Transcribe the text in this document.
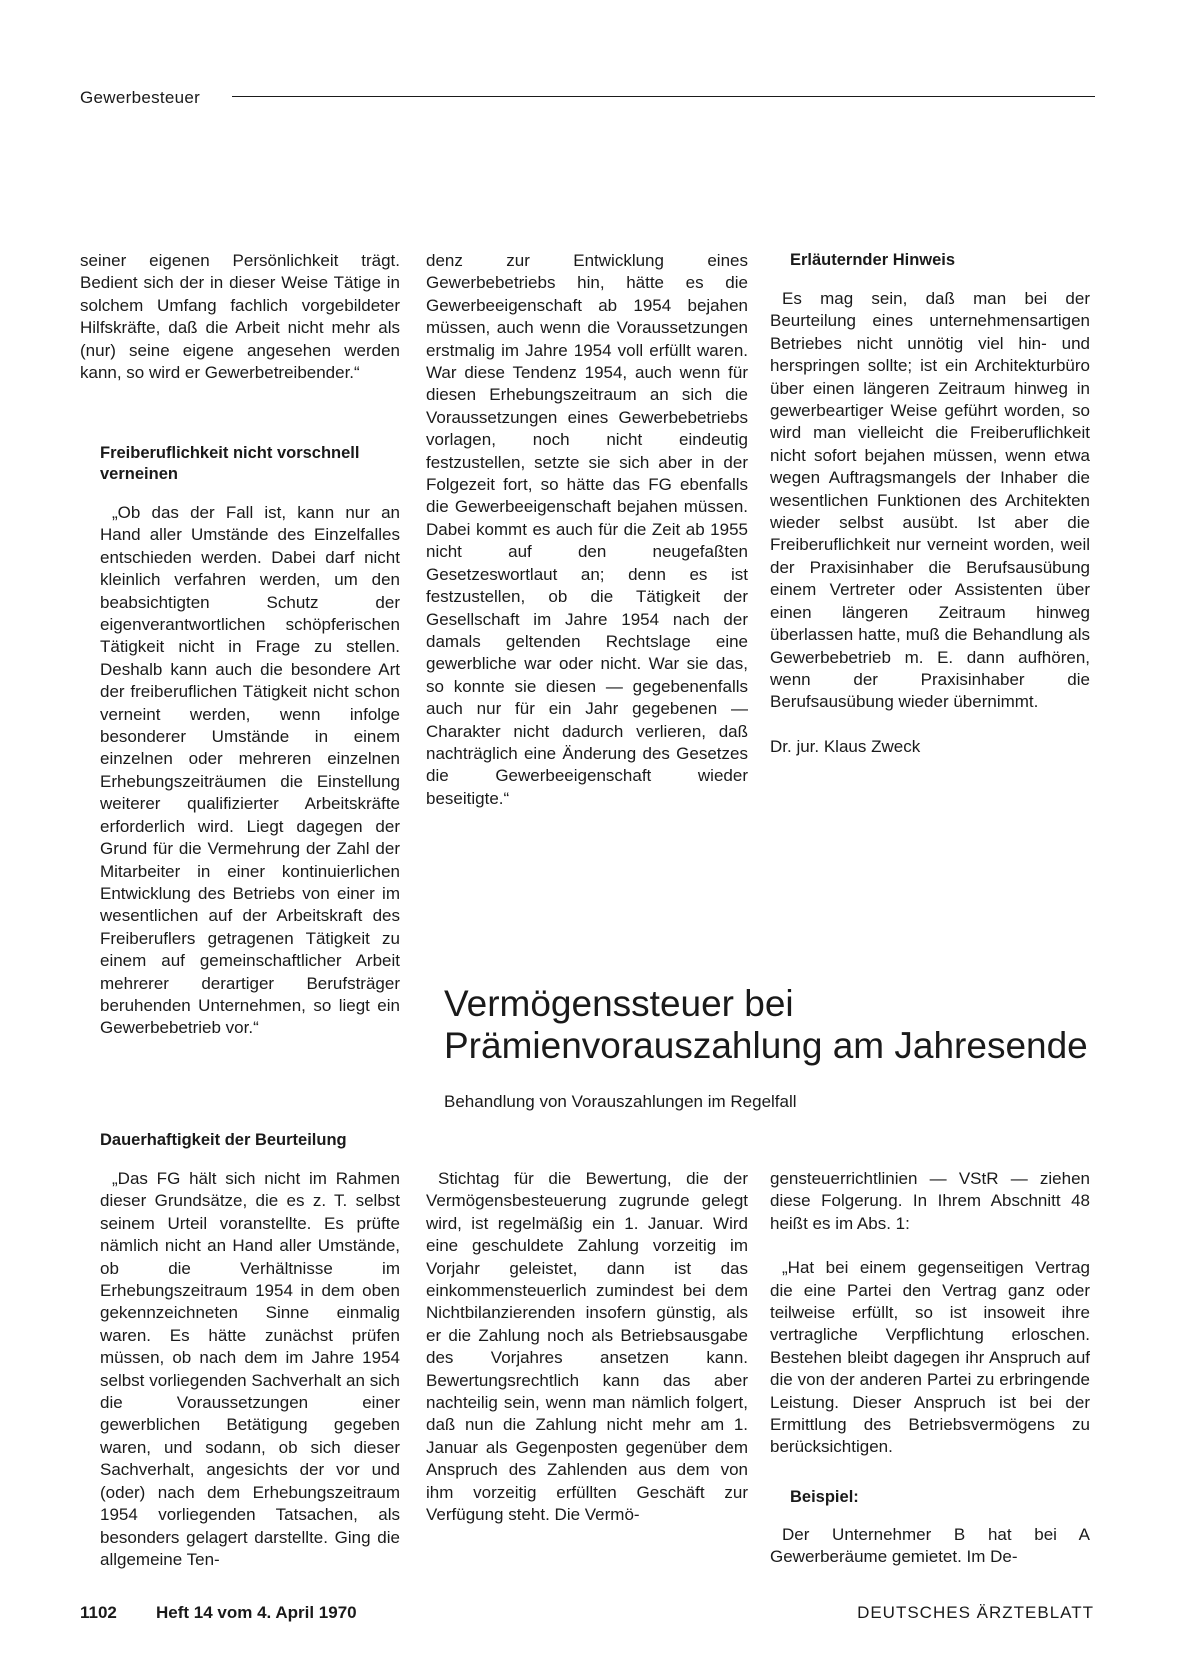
Gewerbesteuer

seiner eigenen Persönlichkeit trägt. Bedient sich der in dieser Weise Tätige in solchem Umfang fachlich vorgebildeter Hilfskräfte, daß die Arbeit nicht mehr als (nur) seine eigene angesehen werden kann, so wird er Gewerbetreibender.“

Freiberuflichkeit nicht vorschnell verneinen

„Ob das der Fall ist, kann nur an Hand aller Umstände des Einzelfalles entschieden werden. Dabei darf nicht kleinlich verfahren werden, um den beabsichtigten Schutz der eigenverantwortlichen schöpferischen Tätigkeit nicht in Frage zu stellen. Deshalb kann auch die besondere Art der freiberuflichen Tätigkeit nicht schon verneint werden, wenn infolge besonderer Umstände in einem einzelnen oder mehreren einzelnen Erhebungszeiträumen die Einstellung weiterer qualifizierter Arbeitskräfte erforderlich wird. Liegt dagegen der Grund für die Vermehrung der Zahl der Mitarbeiter in einer kontinuierlichen Entwicklung des Betriebs von einer im wesentlichen auf der Arbeitskraft des Freiberuflers getragenen Tätigkeit zu einem auf gemeinschaftlicher Arbeit mehrerer derartiger Berufsträger beruhenden Unternehmen, so liegt ein Gewerbebetrieb vor.“

Dauerhaftigkeit der Beurteilung

„Das FG hält sich nicht im Rahmen dieser Grundsätze, die es z. T. selbst seinem Urteil voranstellte. Es prüfte nämlich nicht an Hand aller Umstände, ob die Verhältnisse im Erhebungszeitraum 1954 in dem oben gekennzeichneten Sinne einmalig waren. Es hätte zunächst prüfen müssen, ob nach dem im Jahre 1954 selbst vorliegenden Sachverhalt an sich die Voraussetzungen einer gewerblichen Betätigung gegeben waren, und sodann, ob sich dieser Sachverhalt, angesichts der vor und (oder) nach dem Erhebungszeitraum 1954 vorliegenden Tatsachen, als besonders gelagert darstellte. Ging die allgemeine Ten-

denz zur Entwicklung eines Gewerbebetriebs hin, hätte es die Gewerbeeigenschaft ab 1954 bejahen müssen, auch wenn die Voraussetzungen erstmalig im Jahre 1954 voll erfüllt waren. War diese Tendenz 1954, auch wenn für diesen Erhebungszeitraum an sich die Voraussetzungen eines Gewerbebetriebs vorlagen, noch nicht eindeutig festzustellen, setzte sie sich aber in der Folgezeit fort, so hätte das FG ebenfalls die Gewerbeeigenschaft bejahen müssen. Dabei kommt es auch für die Zeit ab 1955 nicht auf den neugefaßten Gesetzeswortlaut an; denn es ist festzustellen, ob die Tätigkeit der Gesellschaft im Jahre 1954 nach der damals geltenden Rechtslage eine gewerbliche war oder nicht. War sie das, so konnte sie diesen — gegebenenfalls auch nur für ein Jahr gegebenen — Charakter nicht dadurch verlieren, daß nachträglich eine Änderung des Gesetzes die Gewerbeeigenschaft wieder beseitigte.“

Erläuternder Hinweis

Es mag sein, daß man bei der Beurteilung eines unternehmensartigen Betriebes nicht unnötig viel hin- und herspringen sollte; ist ein Architekturbüro über einen längeren Zeitraum hinweg in gewerbeartiger Weise geführt worden, so wird man vielleicht die Freiberuflichkeit nicht sofort bejahen müssen, wenn etwa wegen Auftragsmangels der Inhaber die wesentlichen Funktionen des Architekten wieder selbst ausübt. Ist aber die Freiberuflichkeit nur verneint worden, weil der Praxisinhaber die Berufsausübung einem Vertreter oder Assistenten über einen längeren Zeitraum hinweg überlassen hatte, muß die Behandlung als Gewerbebetrieb m. E. dann aufhören, wenn der Praxisinhaber die Berufsausübung wieder übernimmt.

Dr. jur. Klaus Zweck

Vermögenssteuer bei
Prämienvorauszahlung am Jahresende
Behandlung von Vorauszahlungen im Regelfall

Stichtag für die Bewertung, die der Vermögensbesteuerung zugrunde gelegt wird, ist regelmäßig ein 1. Januar. Wird eine geschuldete Zahlung vorzeitig im Vorjahr geleistet, dann ist das einkommensteuerlich zumindest bei dem Nichtbilanzierenden insofern günstig, als er die Zahlung noch als Betriebsausgabe des Vorjahres ansetzen kann. Bewertungsrechtlich kann das aber nachteilig sein, wenn man nämlich folgert, daß nun die Zahlung nicht mehr am 1. Januar als Gegenposten gegenüber dem Anspruch des Zahlenden aus dem von ihm vorzeitig erfüllten Geschäft zur Verfügung steht. Die Vermö-

gensteuerrichtlinien — VStR — ziehen diese Folgerung. In Ihrem Abschnitt 48 heißt es im Abs. 1:

„Hat bei einem gegenseitigen Vertrag die eine Partei den Vertrag ganz oder teilweise erfüllt, so ist insoweit ihre vertragliche Verpflichtung erloschen. Bestehen bleibt dagegen ihr Anspruch auf die von der anderen Partei zu erbringende Leistung. Dieser Anspruch ist bei der Ermittlung des Betriebsvermögens zu berücksichtigen.

Beispiel:

Der Unternehmer B hat bei A Gewerberäume gemietet. Im De-

1102 Heft 14 vom 4. April 1970	DEUTSCHES ÄRZTEBLATT
